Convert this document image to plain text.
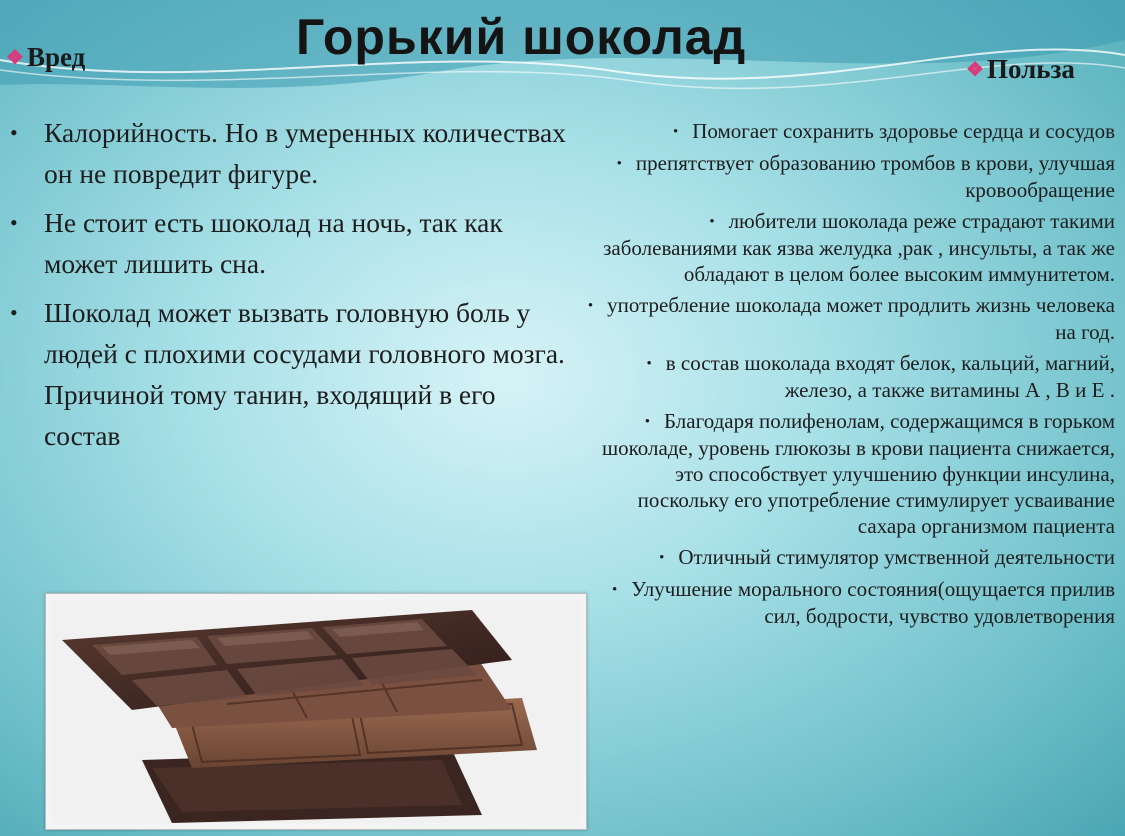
Горький шоколад
❖ Вред	❖ Польза
• Калорийность. Но в умеренных количествах он не повредит фигуре.
• Не стоит есть шоколад на ночь, так как может лишить сна.
• Шоколад может вызвать головную боль у людей с плохими сосудами головного мозга. Причиной тому танин, входящий в его состав
• Помогает сохранить здоровье сердца и сосудов
• препятствует образованию тромбов в крови, улучшая кровообращение
• любители шоколада реже страдают такими заболеваниями как язва желудка ,рак , инсульты, а так же обладают в целом более высоким иммунитетом.
• употребление шоколада может продлить жизнь человека на год.
• в состав шоколада входят белок, кальций, магний, железо, а также витамины А , В и Е .
• Благодаря полифенолам, содержащимся в горьком шоколаде, уровень глюкозы в крови пациента снижается, это способствует улучшению функции инсулина, поскольку его употребление стимулирует усваивание сахара организмом пациента
• Отличный стимулятор умственной деятельности
• Улучшение морального состояния(ощущается прилив сил, бодрости, чувство удовлетворения
